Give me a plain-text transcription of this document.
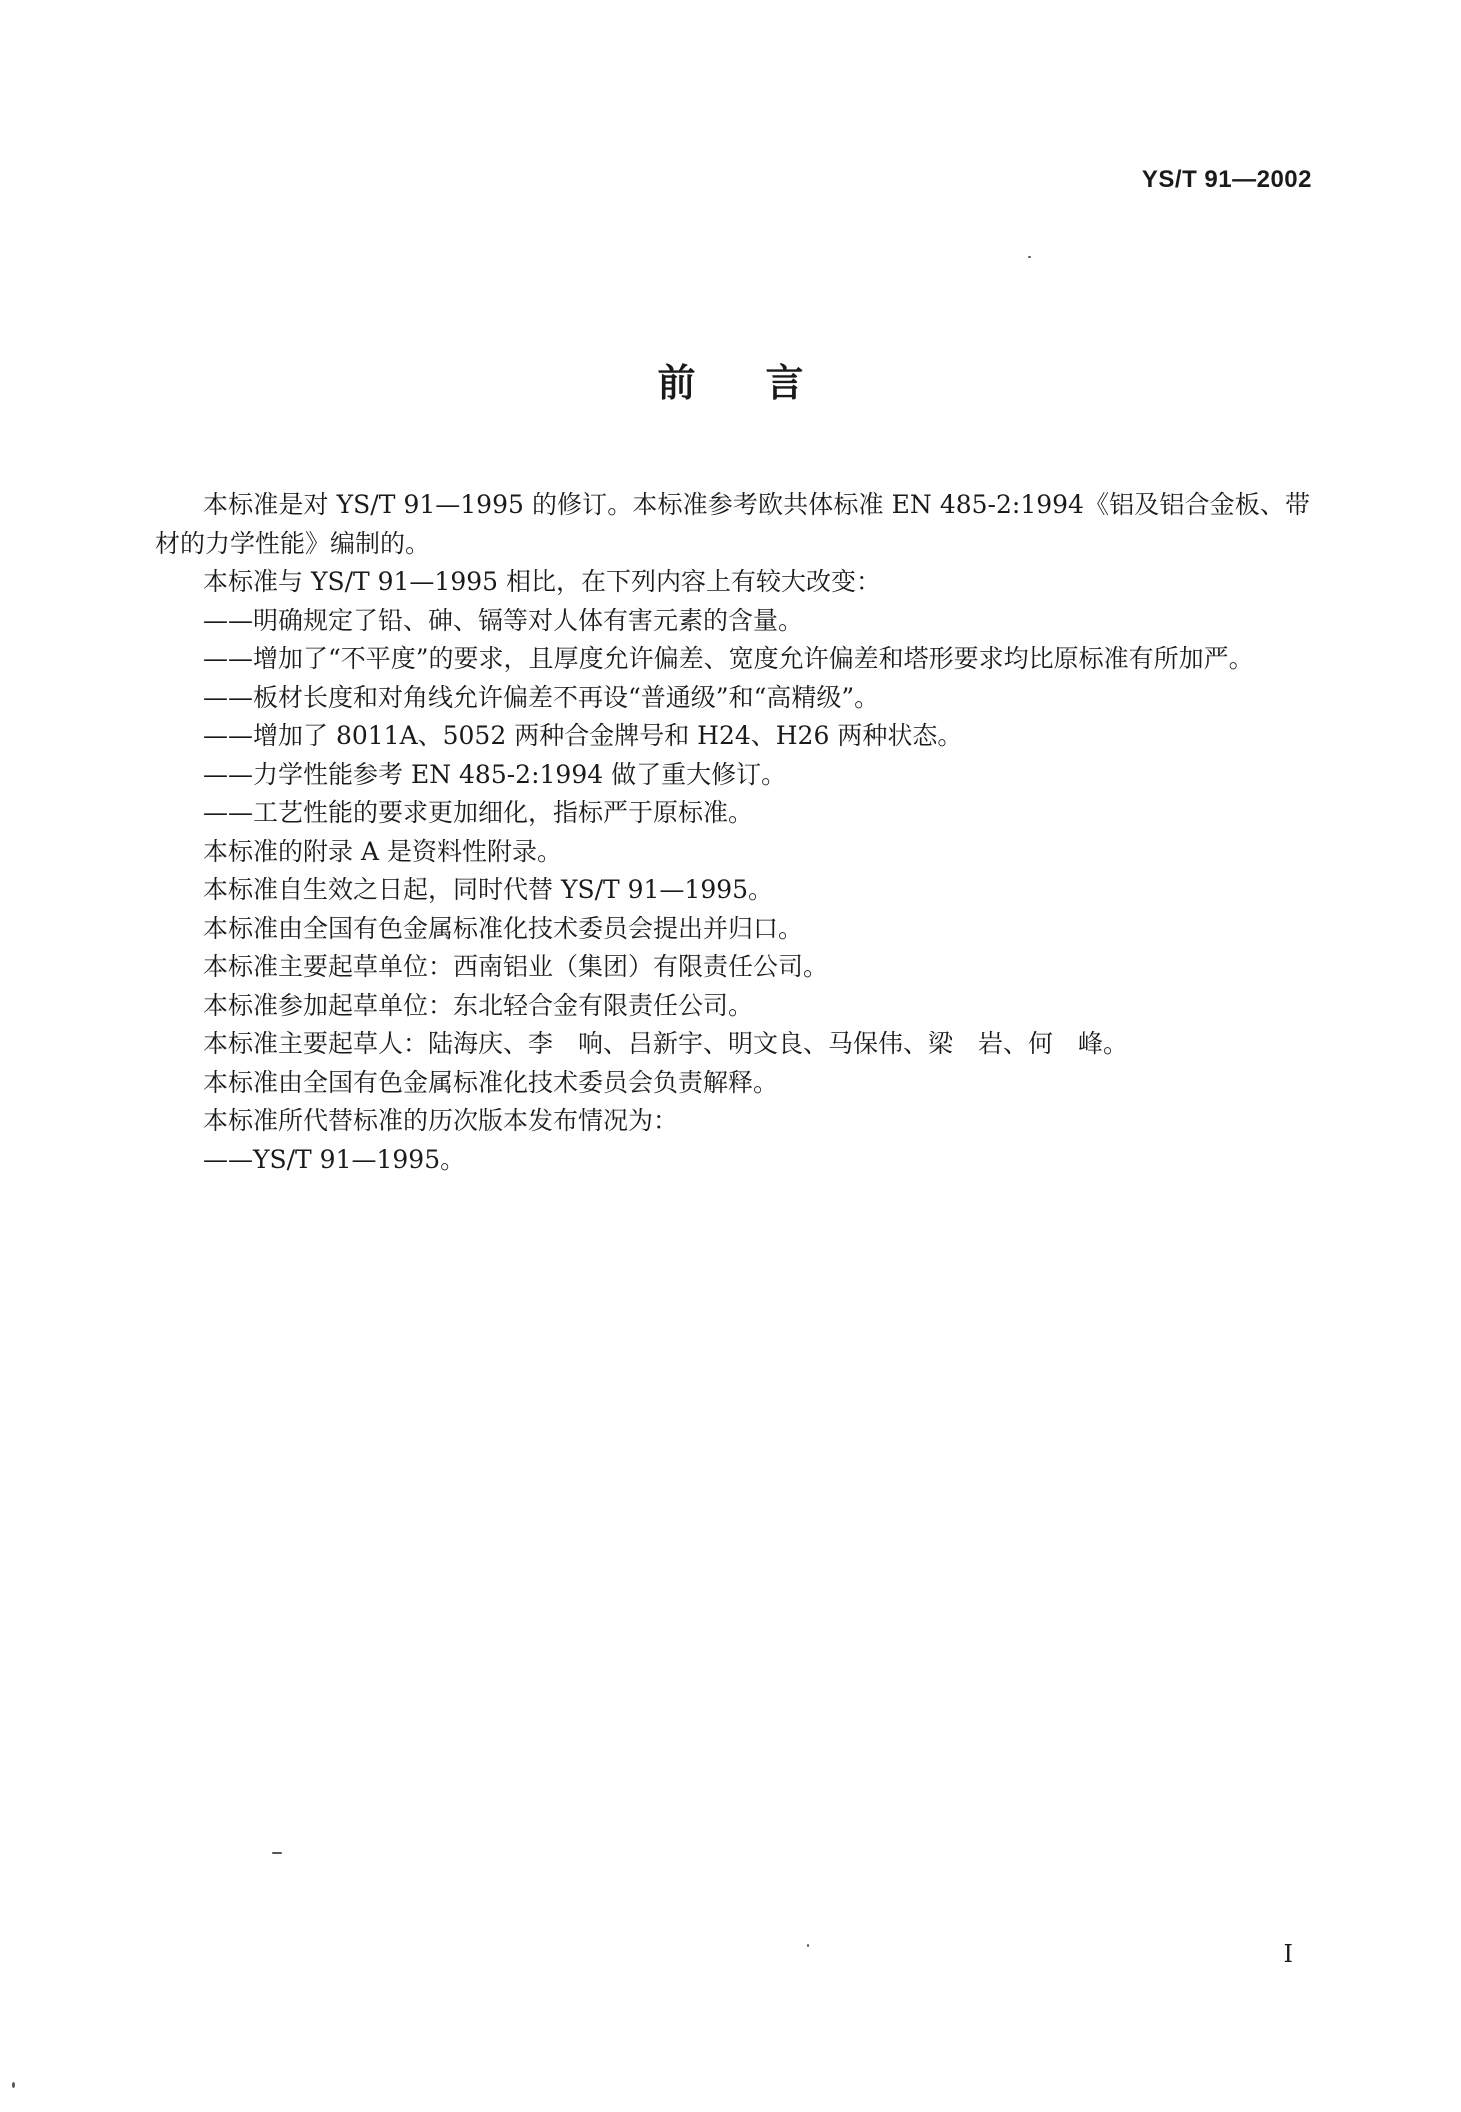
YS/T 91—2002
前言

本标准是对 YS/T 91—1995 的修订。本标准参考欧共体标准 EN 485-2:1994《铝及铝合金板、带材的力学性能》编制的。

本标准与 YS/T 91—1995 相比，在下列内容上有较大改变：

——明确规定了铅、砷、镉等对人体有害元素的含量。

——增加了“不平度”的要求，且厚度允许偏差、宽度允许偏差和塔形要求均比原标准有所加严。

——板材长度和对角线允许偏差不再设“普通级”和“高精级”。

——增加了 8011A、5052 两种合金牌号和 H24、H26 两种状态。

——力学性能参考 EN 485-2:1994 做了重大修订。

——工艺性能的要求更加细化，指标严于原标准。

本标准的附录 A 是资料性附录。

本标准自生效之日起，同时代替 YS/T 91—1995。

本标准由全国有色金属标准化技术委员会提出并归口。

本标准主要起草单位：西南铝业（集团）有限责任公司。

本标准参加起草单位：东北轻合金有限责任公司。

本标准主要起草人：陆海庆、李　响、吕新宇、明文良、马保伟、梁　岩、何　峰。

本标准由全国有色金属标准化技术委员会负责解释。

本标准所代替标准的历次版本发布情况为：

——YS/T 91—1995。

I
